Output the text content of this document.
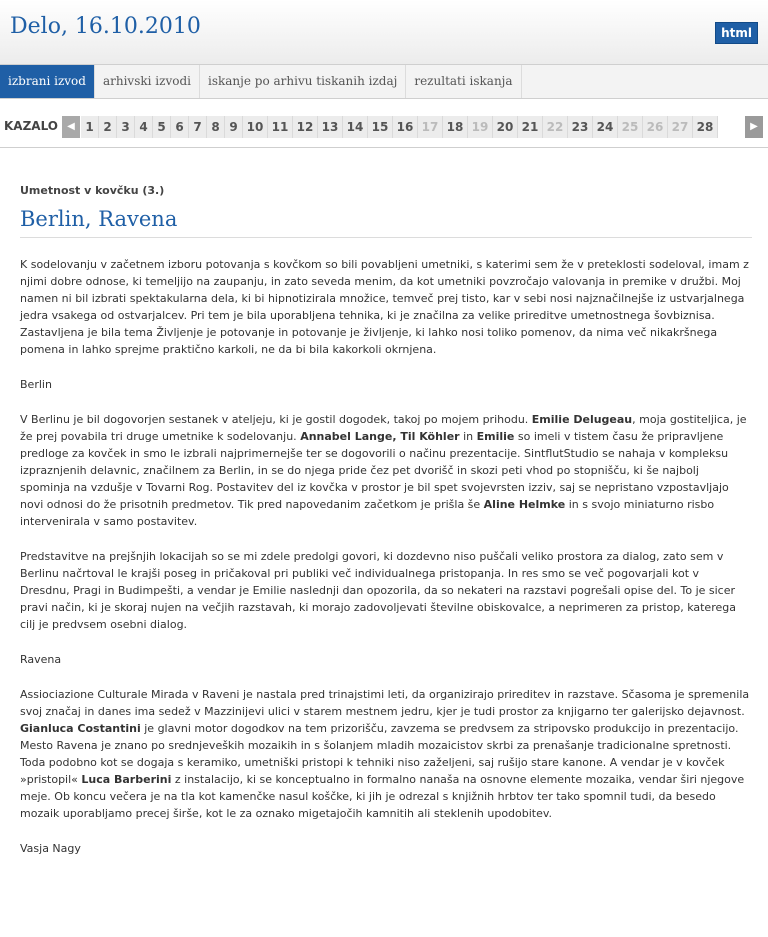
Delo, 16.10.2010	html
izbrani izvod	arhivski izvodi	iskanje po arhivu tiskanih izdaj	rezultati iskanja
KAZALO ◀ 1 2 3 4 5 6 7 8 9 10 11 12 13 14 15 16 17 18 19 20 21 22 23 24 25 26 27 28	▶
Umetnost v kovčku (3.)
Berlin, Ravena

K sodelovanju v začetnem izboru potovanja s kovčkom so bili povabljeni umetniki, s katerimi sem že v preteklosti sodeloval, imam z njimi dobre odnose, ki temeljijo na zaupanju, in zato seveda menim, da kot umetniki povzročajo valovanja in premike v družbi. Moj namen ni bil izbrati spektakularna dela, ki bi hipnotizirala množice, temveč prej tisto, kar v sebi nosi najznačilnejše iz ustvarjalnega jedra vsakega od ostvarjalcev. Pri tem je bila uporabljena tehnika, ki je značilna za velike prireditve umetnostnega šovbiznisa. Zastavljena je bila tema Življenje je potovanje in potovanje je življenje, ki lahko nosi toliko pomenov, da nima več nikakršnega pomena in lahko sprejme praktično karkoli, ne da bi bila kakorkoli okrnjena.

Berlin

V Berlinu je bil dogovorjen sestanek v ateljeju, ki je gostil dogodek, takoj po mojem prihodu. Emilie Delugeau, moja gostiteljica, je že prej povabila tri druge umetnike k sodelovanju. Annabel Lange, Til Köhler in Emilie so imeli v tistem času že pripravljene predloge za kovček in smo le izbrali najprimernejše ter se dogovorili o načinu prezentacije. SintflutStudio se nahaja v kompleksu izpraznjenih delavnic, značilnem za Berlin, in se do njega pride čez pet dvorišč in skozi peti vhod po stopnišču, ki še najbolj spominja na vzdušje v Tovarni Rog. Postavitev del iz kovčka v prostor je bil spet svojevrsten izziv, saj se nepristano vzpostavljajo novi odnosi do že prisotnih predmetov. Tik pred napovedanim začetkom je prišla še Aline Helmke in s svojo miniaturno risbo intervenirala v samo postavitev.

Predstavitve na prejšnjih lokacijah so se mi zdele predolgi govori, ki dozdevno niso puščali veliko prostora za dialog, zato sem v Berlinu načrtoval le krajši poseg in pričakoval pri publiki več individualnega pristopanja. In res smo se več pogovarjali kot v Dresdnu, Pragi in Budimpešti, a vendar je Emilie naslednji dan opozorila, da so nekateri na razstavi pogrešali opise del. To je sicer pravi način, ki je skoraj nujen na večjih razstavah, ki morajo zadovoljevati številne obiskovalce, a neprimeren za pristop, katerega cilj je predvsem osebni dialog.

Ravena

Assiociazione Culturale Mirada v Raveni je nastala pred trinajstimi leti, da organizirajo prireditev in razstave. Sčasoma je spremenila svoj značaj in danes ima sedež v Mazzinijevi ulici v starem mestnem jedru, kjer je tudi prostor za knjigarno ter galerijsko dejavnost. Gianluca Costantini je glavni motor dogodkov na tem prizorišču, zavzema se predvsem za stripovsko produkcijo in prezentacijo. Mesto Ravena je znano po srednjeveških mozaikih in s šolanjem mladih mozaicistov skrbi za prenašanje tradicionalne spretnosti. Toda podobno kot se dogaja s keramiko, umetniški pristopi k tehniki niso zaželjeni, saj rušijo stare kanone. A vendar je v kovček »pristopil« Luca Barberini z instalacijo, ki se konceptualno in formalno nanaša na osnovne elemente mozaika, vendar širi njegove meje. Ob koncu večera je na tla kot kamenčke nasul koščke, ki jih je odrezal s knjižnih hrbtov ter tako spomnil tudi, da besedo mozaik uporabljamo precej širše, kot le za oznako migetajočih kamnitih ali steklenih upodobitev.

Vasja Nagy
